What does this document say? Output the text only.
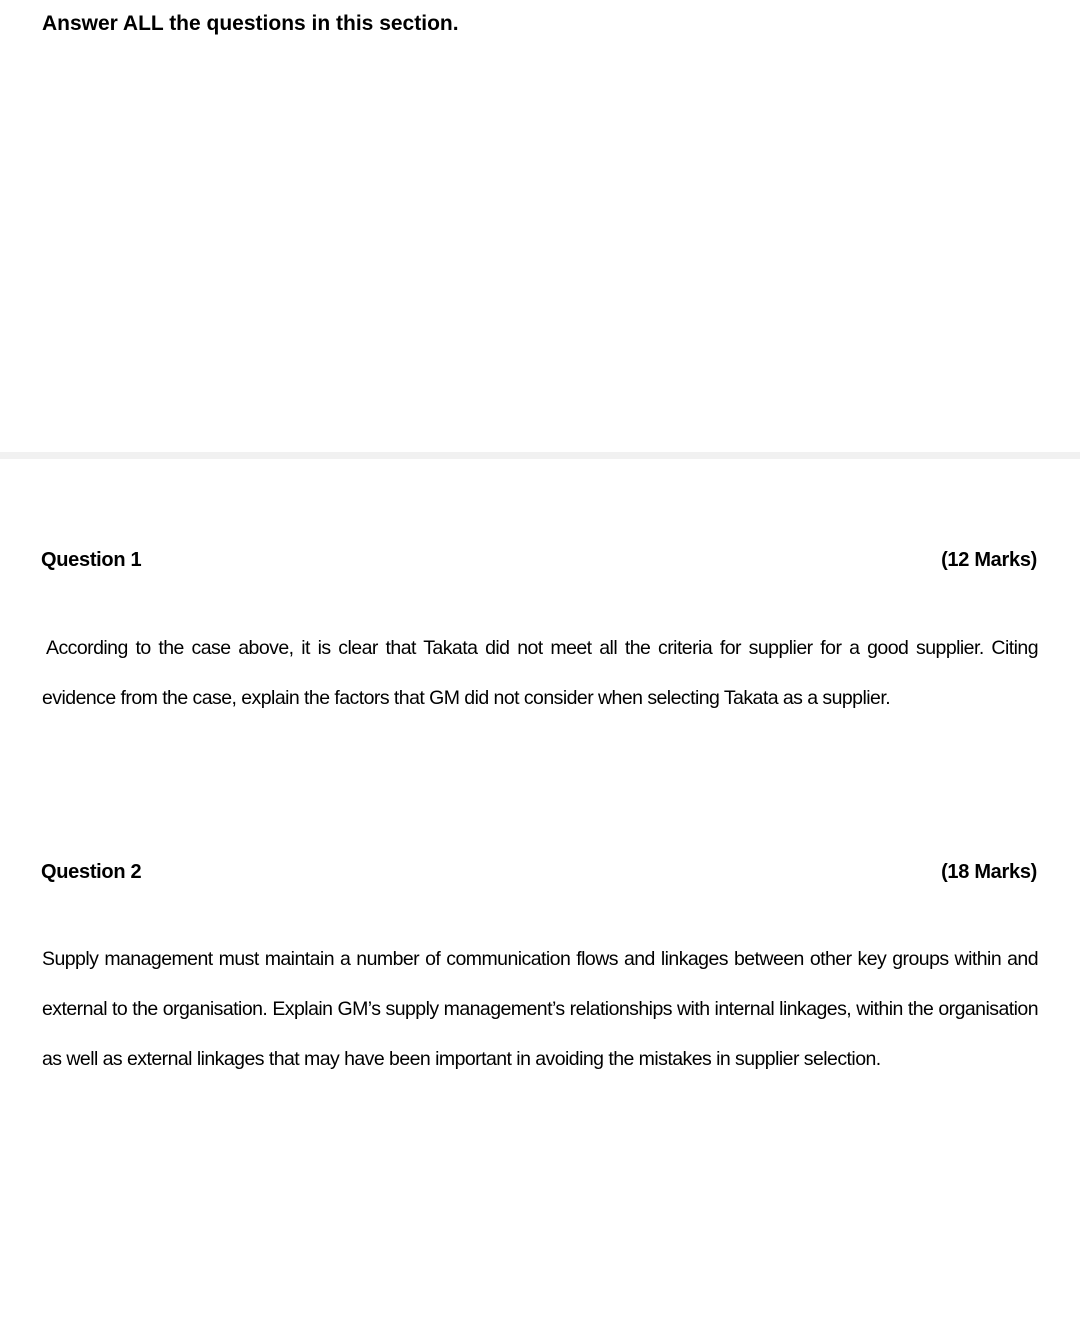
Answer ALL the questions in this section.
Question 1	(12 Marks)

According to the case above, it is clear that Takata did not meet all the criteria for supplier for a good supplier. Citing evidence from the case, explain the factors that GM did not consider when selecting Takata as a supplier.

Question 2	(18 Marks)

Supply management must maintain a number of communication flows and linkages between other key groups within and external to the organisation. Explain GM’s supply management’s relationships with internal linkages, within the organisation as well as external linkages that may have been important in avoiding the mistakes in supplier selection.
